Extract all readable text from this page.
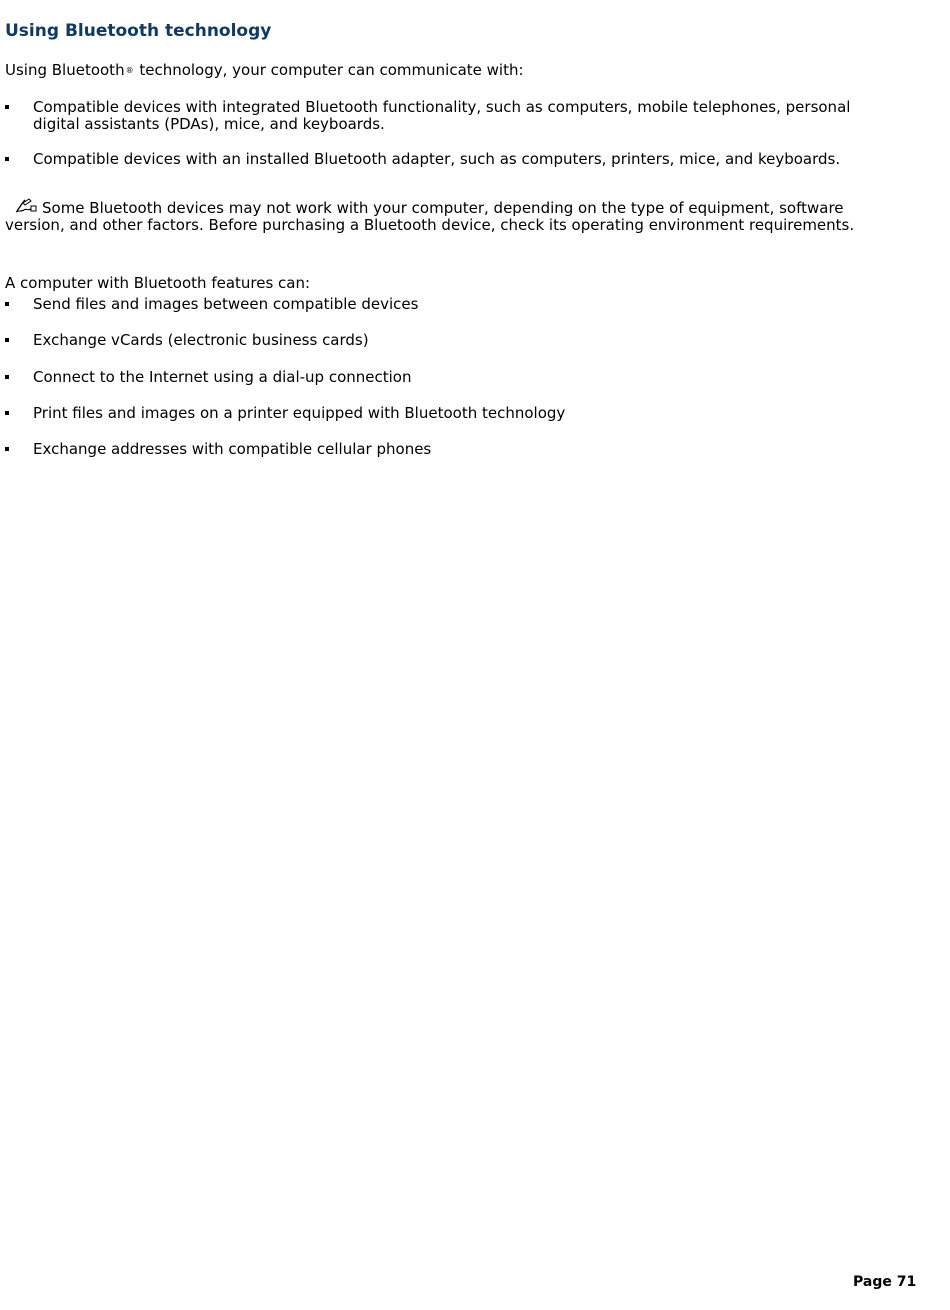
Using Bluetooth technology

Using Bluetooth® technology, your computer can communicate with:

Compatible devices with integrated Bluetooth functionality, such as computers, mobile telephones, personal digital assistants (PDAs), mice, and keyboards.
Compatible devices with an installed Bluetooth adapter, such as computers, printers, mice, and keyboards.
Some Bluetooth devices may not work with your computer, depending on the type of equipment, software version, and other factors. Before purchasing a Bluetooth device, check its operating environment requirements.

A computer with Bluetooth features can:

Send files and images between compatible devices
Exchange vCards (electronic business cards)
Connect to the Internet using a dial-up connection
Print files and images on a printer equipped with Bluetooth technology
Exchange addresses with compatible cellular phones
Page 71
